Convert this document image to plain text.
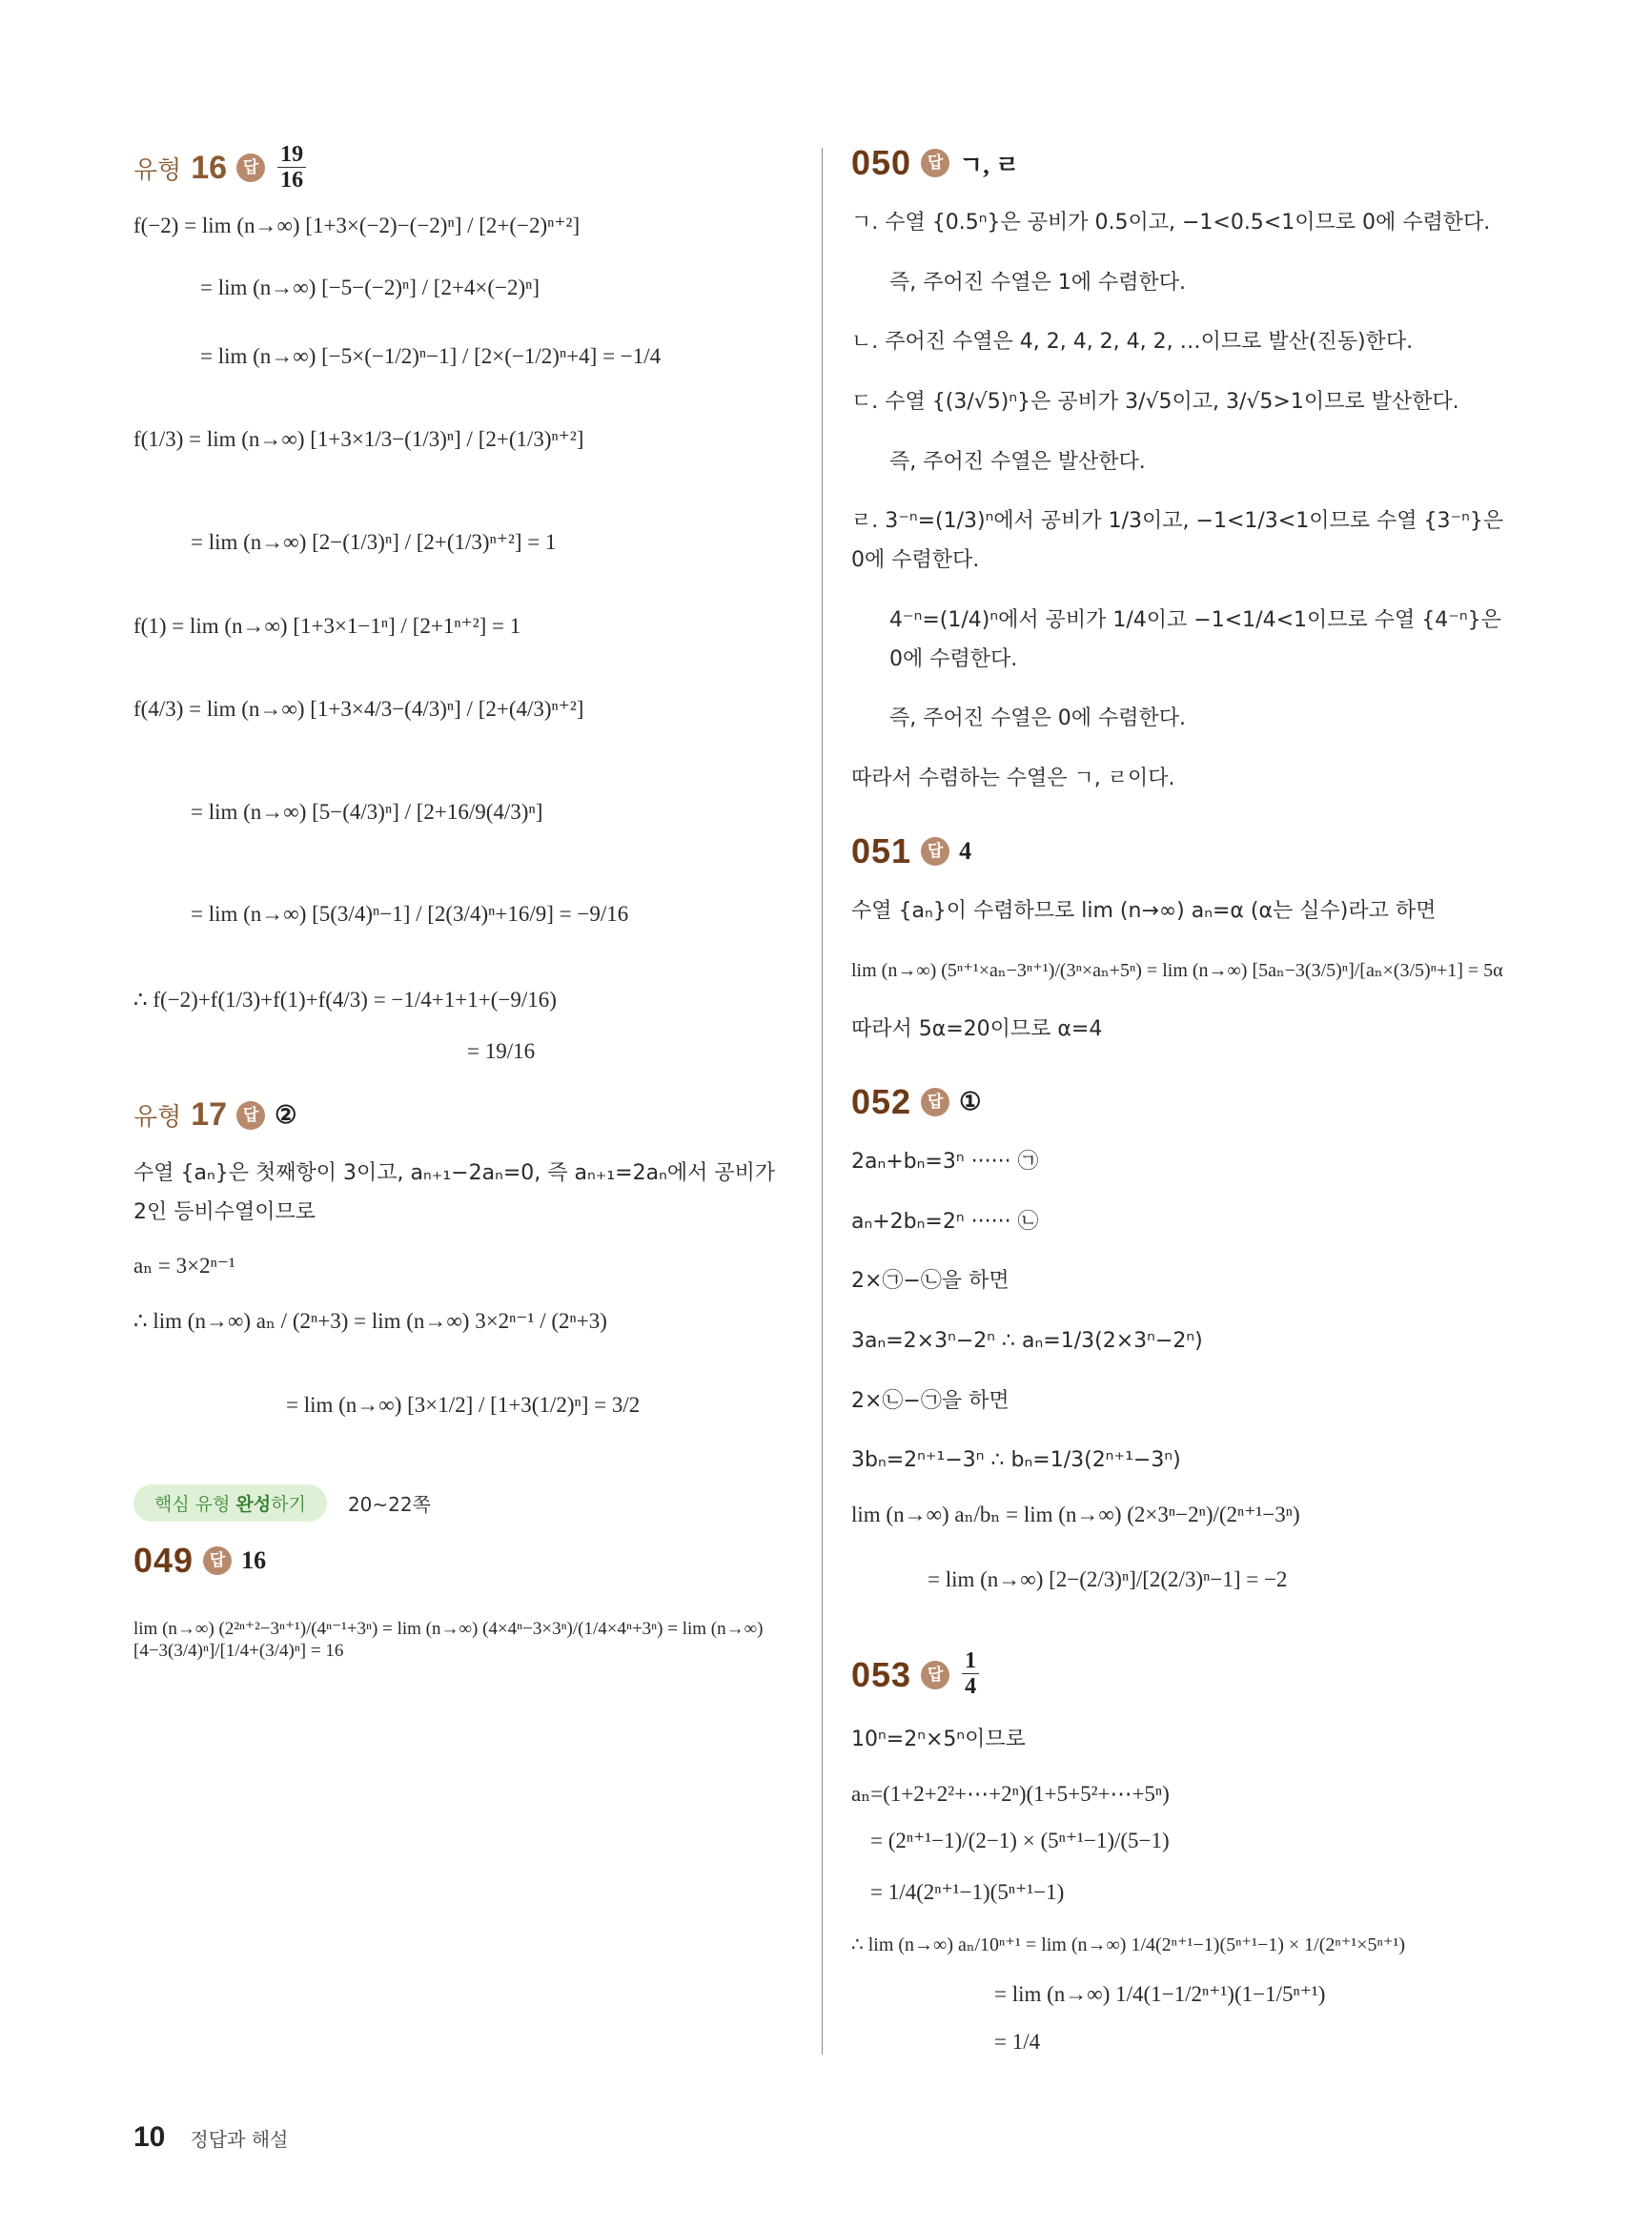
유형 16 답 $\frac{19}{16}$

f(−2) = lim (n→∞) [1+3×(−2)−(−2)ⁿ] / [2+(−2)ⁿ⁺²]

= lim (n→∞) [−5−(−2)ⁿ] / [2+4×(−2)ⁿ]

= lim (n→∞) [−5×(−1/2)ⁿ−1] / [2×(−1/2)ⁿ+4] = −1/4

f(1/3) = lim (n→∞) [1+3×1/3−(1/3)ⁿ] / [2+(1/3)ⁿ⁺²]

= lim (n→∞) [2−(1/3)ⁿ] / [2+(1/3)ⁿ⁺²] = 1

f(1) = lim (n→∞) [1+3×1−1ⁿ] / [2+1ⁿ⁺²] = 1

f(4/3) = lim (n→∞) [1+3×4/3−(4/3)ⁿ] / [2+(4/3)ⁿ⁺²]

= lim (n→∞) [5−(4/3)ⁿ] / [2+16/9(4/3)ⁿ]

= lim (n→∞) [5(3/4)ⁿ−1] / [2(3/4)ⁿ+16/9] = −9/16

∴ f(−2)+f(1/3)+f(1)+f(4/3) = −1/4+1+1+(−9/16)

= 19/16

유형 17 답 ②

수열 {aₙ}은 첫째항이 3이고, aₙ₊₁−2aₙ=0, 즉 aₙ₊₁=2aₙ에서 공비가 2인 등비수열이므로

aₙ = 3×2ⁿ⁻¹

∴ lim (n→∞) aₙ / (2ⁿ+3) = lim (n→∞) 3×2ⁿ⁻¹ / (2ⁿ+3)

= lim (n→∞) [3×1/2] / [1+3(1/2)ⁿ] = 3/2

핵심 유형 완성하기	20~22쪽
049 답 16

lim (n→∞) (2²ⁿ⁺²−3ⁿ⁺¹)/(4ⁿ⁻¹+3ⁿ) = lim (n→∞) (4×4ⁿ−3×3ⁿ)/(1/4×4ⁿ+3ⁿ) = lim (n→∞) [4−3(3/4)ⁿ]/[1/4+(3/4)ⁿ] = 16

050 답 ㄱ, ㄹ

ㄱ. 수열 {0.5ⁿ}은 공비가 0.5이고, −1<0.5<1이므로 0에 수렴한다.

즉, 주어진 수열은 1에 수렴한다.

ㄴ. 주어진 수열은 4, 2, 4, 2, 4, 2, …이므로 발산(진동)한다.

ㄷ. 수열 {(3/√5)ⁿ}은 공비가 3/√5이고, 3/√5>1이므로 발산한다.

즉, 주어진 수열은 발산한다.

ㄹ. 3⁻ⁿ=(1/3)ⁿ에서 공비가 1/3이고, −1<1/3<1이므로 수열 {3⁻ⁿ}은 0에 수렴한다.

4⁻ⁿ=(1/4)ⁿ에서 공비가 1/4이고 −1<1/4<1이므로 수열 {4⁻ⁿ}은 0에 수렴한다.

즉, 주어진 수열은 0에 수렴한다.

따라서 수렴하는 수열은 ㄱ, ㄹ이다.

051 답 4

수열 {aₙ}이 수렴하므로 lim (n→∞) aₙ=α (α는 실수)라고 하면

lim (n→∞) (5ⁿ⁺¹×aₙ−3ⁿ⁺¹)/(3ⁿ×aₙ+5ⁿ) = lim (n→∞) [5aₙ−3(3/5)ⁿ]/[aₙ×(3/5)ⁿ+1] = 5α

따라서 5α=20이므로 α=4

052 답 ①

2aₙ+bₙ=3ⁿ ······ ㉠

aₙ+2bₙ=2ⁿ ······ ㉡

2×㉠−㉡을 하면

3aₙ=2×3ⁿ−2ⁿ ∴ aₙ=1/3(2×3ⁿ−2ⁿ)

2×㉡−㉠을 하면

3bₙ=2ⁿ⁺¹−3ⁿ ∴ bₙ=1/3(2ⁿ⁺¹−3ⁿ)

lim (n→∞) aₙ/bₙ = lim (n→∞) (2×3ⁿ−2ⁿ)/(2ⁿ⁺¹−3ⁿ)

= lim (n→∞) [2−(2/3)ⁿ]/[2(2/3)ⁿ−1] = −2

053 답 $\frac{1}{4}$

10ⁿ=2ⁿ×5ⁿ이므로

aₙ=(1+2+2²+⋯+2ⁿ)(1+5+5²+⋯+5ⁿ)

= (2ⁿ⁺¹−1)/(2−1) × (5ⁿ⁺¹−1)/(5−1)

= 1/4(2ⁿ⁺¹−1)(5ⁿ⁺¹−1)

∴ lim (n→∞) aₙ/10ⁿ⁺¹ = lim (n→∞) 1/4(2ⁿ⁺¹−1)(5ⁿ⁺¹−1) × 1/(2ⁿ⁺¹×5ⁿ⁺¹)

= lim (n→∞) 1/4(1−1/2ⁿ⁺¹)(1−1/5ⁿ⁺¹)

= 1/4

10 정답과 해설
